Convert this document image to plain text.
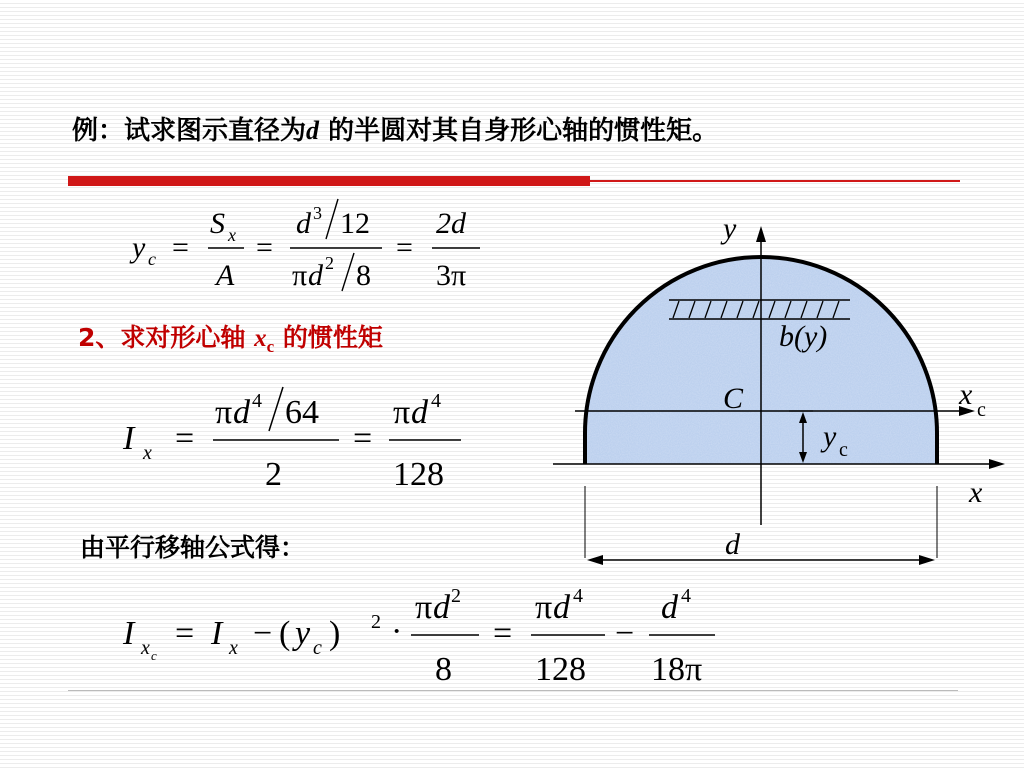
例：试求图示直径为d 的半圆对其自身形心轴的惯性矩。
y c =
S x
A
=
d 3 12
π d 2 8
=
2d
3π
2、求对形心轴 $x_c$ 的惯性矩
I x =
π d 4 64
2
=
π d 4
128
由平行移轴公式得：
I x c
= I x − ( y c ) 2 ·
π d 2
8
=
π d 4
128
−
d 4
18π
y
x
x c
C
b(y)
y c
d
